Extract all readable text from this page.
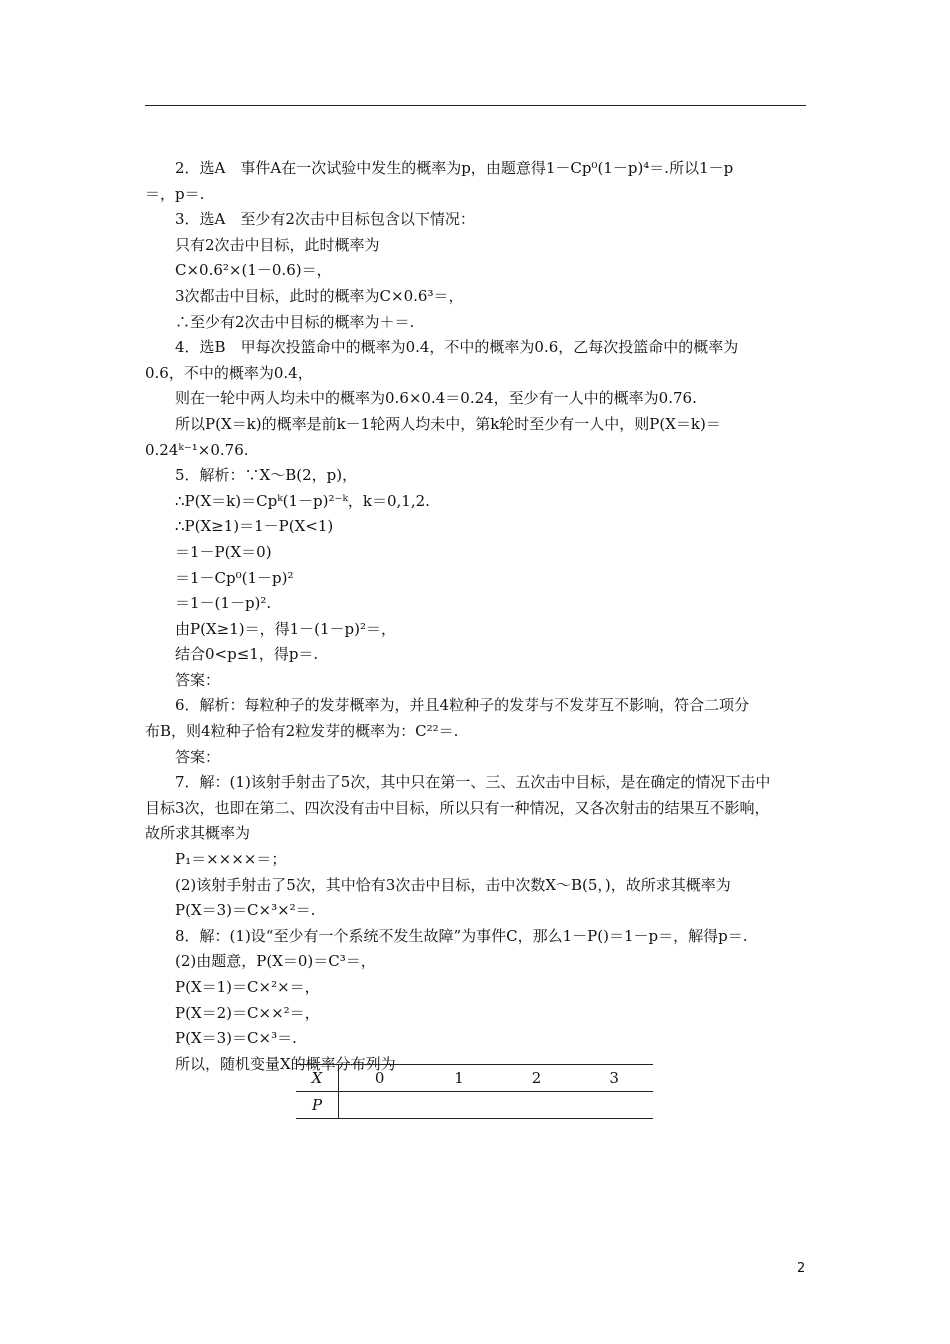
2．选A　事件A在一次试验中发生的概率为p，由题意得1－Cp⁰(1－p)⁴＝.所以1－p
＝，p＝.
3．选A　至少有2次击中目标包含以下情况：
只有2次击中目标，此时概率为
C×0.6²×(1－0.6)＝，
3次都击中目标，此时的概率为C×0.6³＝，
∴至少有2次击中目标的概率为＋＝.
4．选B　甲每次投篮命中的概率为0.4，不中的概率为0.6，乙每次投篮命中的概率为
0.6，不中的概率为0.4，
则在一轮中两人均未中的概率为0.6×0.4＝0.24，至少有一人中的概率为0.76.
所以P(X＝k)的概率是前k－1轮两人均未中，第k轮时至少有一人中，则P(X＝k)＝
0.24ᵏ⁻¹×0.76.
5．解析：∵X～B(2，p)，
∴P(X＝k)＝Cpᵏ(1－p)²⁻ᵏ，k＝0,1,2.
∴P(X≥1)＝1－P(X<1)
＝1－P(X＝0)
＝1－Cp⁰(1－p)²
＝1－(1－p)².
由P(X≥1)＝，得1－(1－p)²＝，
结合0<p≤1，得p＝.
答案：
6．解析：每粒种子的发芽概率为，并且4粒种子的发芽与不发芽互不影响，符合二项分
布B，则4粒种子恰有2粒发芽的概率为：C²²＝.
答案：
7．解：(1)该射手射击了5次，其中只在第一、三、五次击中目标，是在确定的情况下击中
目标3次，也即在第二、四次没有击中目标，所以只有一种情况，又各次射击的结果互不影响，
故所求其概率为
P₁＝××××＝；
(2)该射手射击了5次，其中恰有3次击中目标，击中次数X～B(5，)，故所求其概率为
P(X＝3)＝C×³×²＝.
8．解：(1)设“至少有一个系统不发生故障”为事件C，那么1－P()＝1－p＝，解得p＝.
(2)由题意，P(X＝0)＝C³＝，
P(X＝1)＝C×²×＝，
P(X＝2)＝C××²＝，
P(X＝3)＝C×³＝.
所以，随机变量X的概率分布列为
X	0	1	2	3
P				
2
